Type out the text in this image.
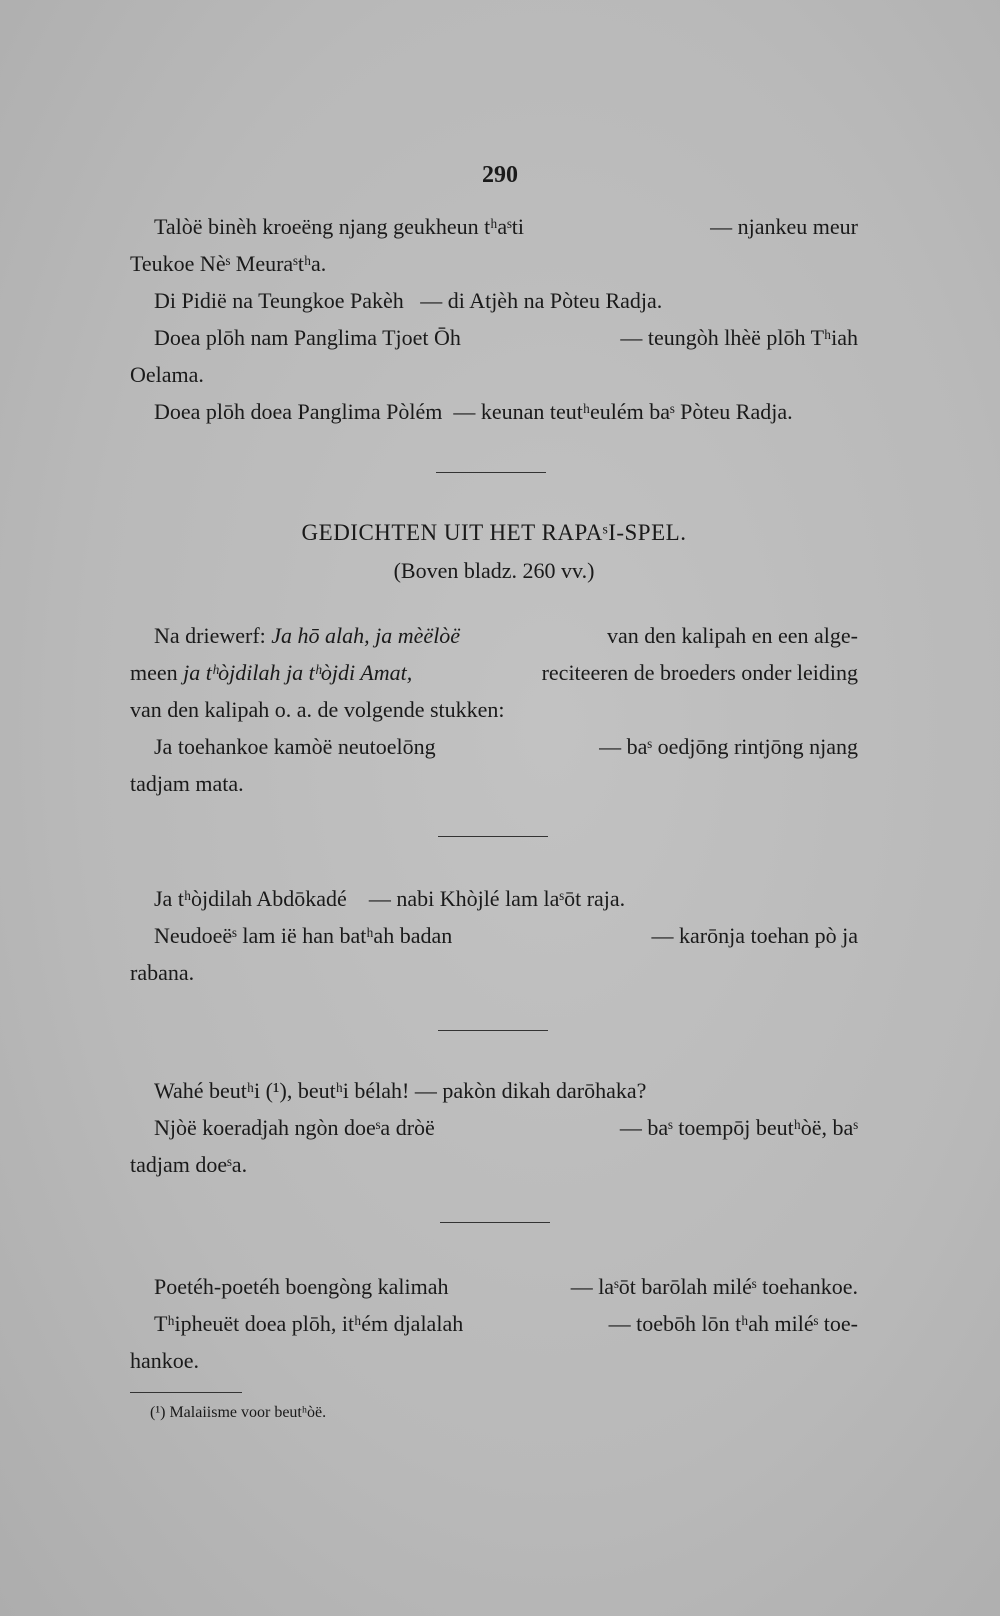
290
Talòë binèh kroeëng njang geukheun tʰaˢti	— njankeu meur
Teukoe Nèˢ Meuraˢtʰa.
Di Pidië na Teungkoe Pakèh — di Atjèh na Pòteu Radja.
Doea plōh nam Panglima Tjoet Ōh	— teungòh lhèë plōh Tʰiah
Oelama.
Doea plōh doea Panglima Pòlém — keunan teutʰeulém baˢ Pòteu Radja.
GEDICHTEN UIT HET RAPAˢI-SPEL.
(Boven bladz. 260 vv.)
Na driewerf: Ja hō alah, ja mèëlòë	van den kalipah en een alge-
meen ja tʰòjdilah ja tʰòjdi Amat,	reciteeren de broeders onder leiding
van den kalipah o. a. de volgende stukken:
Ja toehankoe kamòë neutoelōng	— baˢ oedjōng rintjōng njang
tadjam mata.
Ja tʰòjdilah Abdōkadé — nabi Khòjlé lam laˢōt raja.
Neudoeëˢ lam ië han batʰah badan	— karōnja toehan pò ja
rabana.
Wahé beutʰi (¹), beutʰi bélah! — pakòn dikah darōhaka?
Njòë koeradjah ngòn doeˢa dròë	— baˢ toempōj beutʰòë, baˢ
tadjam doeˢa.
Poetéh-poetéh boengòng kalimah	— laˢōt barōlah miléˢ toehankoe.
Tʰipheuët doea plōh, itʰém djalalah	— toebōh lōn tʰah miléˢ toe-
hankoe.
(¹) Malaiisme voor beutʰòë.
